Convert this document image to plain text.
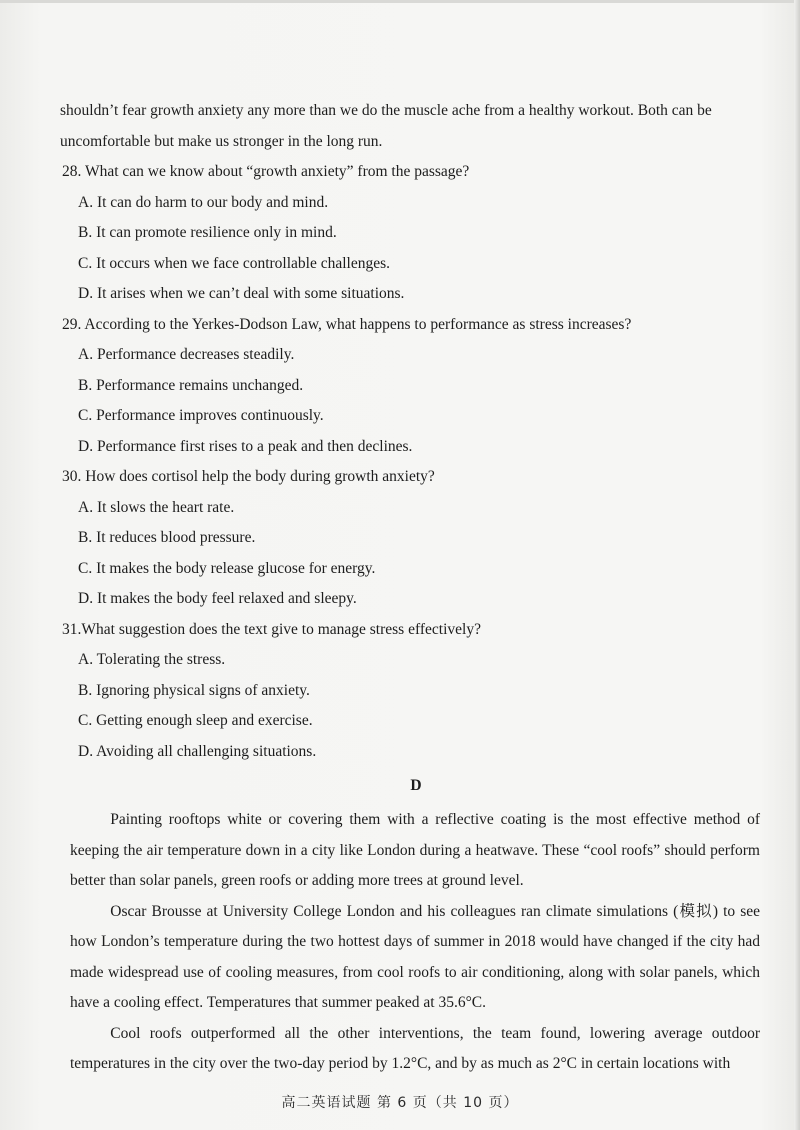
shouldn’t fear growth anxiety any more than we do the muscle ache from a healthy workout. Both can be
uncomfortable but make us stronger in the long run.
28. What can we know about “growth anxiety” from the passage?
A. It can do harm to our body and mind.
B. It can promote resilience only in mind.
C. It occurs when we face controllable challenges.
D. It arises when we can’t deal with some situations.
29. According to the Yerkes-Dodson Law, what happens to performance as stress increases?
A. Performance decreases steadily.
B. Performance remains unchanged.
C. Performance improves continuously.
D. Performance first rises to a peak and then declines.
30. How does cortisol help the body during growth anxiety?
A. It slows the heart rate.
B. It reduces blood pressure.
C. It makes the body release glucose for energy.
D. It makes the body feel relaxed and sleepy.
31.What suggestion does the text give to manage stress effectively?
A. Tolerating the stress.
B. Ignoring physical signs of anxiety.
C. Getting enough sleep and exercise.
D. Avoiding all challenging situations.
D

Painting rooftops white or covering them with a reflective coating is the most effective method of keeping the air temperature down in a city like London during a heatwave. These “cool roofs” should perform better than solar panels, green roofs or adding more trees at ground level.

Oscar Brousse at University College London and his colleagues ran climate simulations (模拟) to see how London’s temperature during the two hottest days of summer in 2018 would have changed if the city had made widespread use of cooling measures, from cool roofs to air conditioning, along with solar panels, which have a cooling effect. Temperatures that summer peaked at 35.6°C.

Cool roofs outperformed all the other interventions, the team found, lowering average outdoor temperatures in the city over the two-day period by 1.2°C, and by as much as 2°C in certain locations with

高二英语试题 第 6 页（共 10 页）
